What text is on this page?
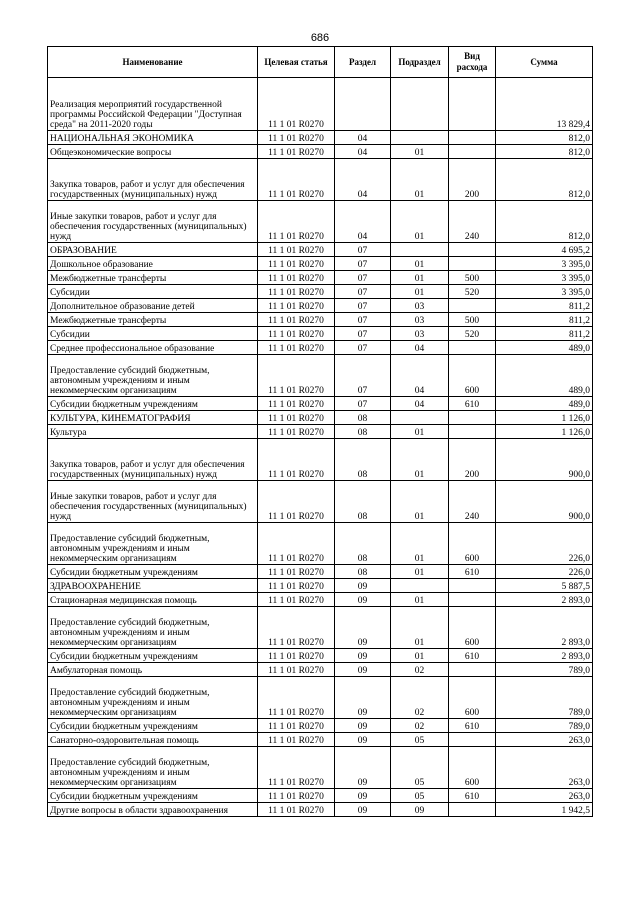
686
Наименование	Целевая статья	Раздел	Подраздел	Вид расхода	Сумма
Реализация мероприятий государственной программы Российской Федерации "Доступная среда" на 2011-2020 годы	11 1 01 R0270				13 829,4
НАЦИОНАЛЬНАЯ ЭКОНОМИКА	11 1 01 R0270	04			812,0
Общеэкономические вопросы	11 1 01 R0270	04	01		812,0
Закупка товаров, работ и услуг для обеспечения государственных (муниципальных) нужд	11 1 01 R0270	04	01	200	812,0
Иные закупки товаров, работ и услуг для обеспечения государственных (муниципальных) нужд	11 1 01 R0270	04	01	240	812,0
ОБРАЗОВАНИЕ	11 1 01 R0270	07			4 695,2
Дошкольное образование	11 1 01 R0270	07	01		3 395,0
Межбюджетные трансферты	11 1 01 R0270	07	01	500	3 395,0
Субсидии	11 1 01 R0270	07	01	520	3 395,0
Дополнительное образование детей	11 1 01 R0270	07	03		811,2
Межбюджетные трансферты	11 1 01 R0270	07	03	500	811,2
Субсидии	11 1 01 R0270	07	03	520	811,2
Среднее профессиональное образование	11 1 01 R0270	07	04		489,0
Предоставление субсидий бюджетным, автономным учреждениям и иным некоммерческим организациям	11 1 01 R0270	07	04	600	489,0
Субсидии бюджетным учреждениям	11 1 01 R0270	07	04	610	489,0
КУЛЬТУРА, КИНЕМАТОГРАФИЯ	11 1 01 R0270	08			1 126,0
Культура	11 1 01 R0270	08	01		1 126,0
Закупка товаров, работ и услуг для обеспечения государственных (муниципальных) нужд	11 1 01 R0270	08	01	200	900,0
Иные закупки товаров, работ и услуг для обеспечения государственных (муниципальных) нужд	11 1 01 R0270	08	01	240	900,0
Предоставление субсидий бюджетным, автономным учреждениям и иным некоммерческим организациям	11 1 01 R0270	08	01	600	226,0
Субсидии бюджетным учреждениям	11 1 01 R0270	08	01	610	226,0
ЗДРАВООХРАНЕНИЕ	11 1 01 R0270	09			5 887,5
Стационарная медицинская помощь	11 1 01 R0270	09	01		2 893,0
Предоставление субсидий бюджетным, автономным учреждениям и иным некоммерческим организациям	11 1 01 R0270	09	01	600	2 893,0
Субсидии бюджетным учреждениям	11 1 01 R0270	09	01	610	2 893,0
Амбулаторная помощь	11 1 01 R0270	09	02		789,0
Предоставление субсидий бюджетным, автономным учреждениям и иным некоммерческим организациям	11 1 01 R0270	09	02	600	789,0
Субсидии бюджетным учреждениям	11 1 01 R0270	09	02	610	789,0
Санаторно-оздоровительная помощь	11 1 01 R0270	09	05		263,0
Предоставление субсидий бюджетным, автономным учреждениям и иным некоммерческим организациям	11 1 01 R0270	09	05	600	263,0
Субсидии бюджетным учреждениям	11 1 01 R0270	09	05	610	263,0
Другие вопросы в области здравоохранения	11 1 01 R0270	09	09		1 942,5
